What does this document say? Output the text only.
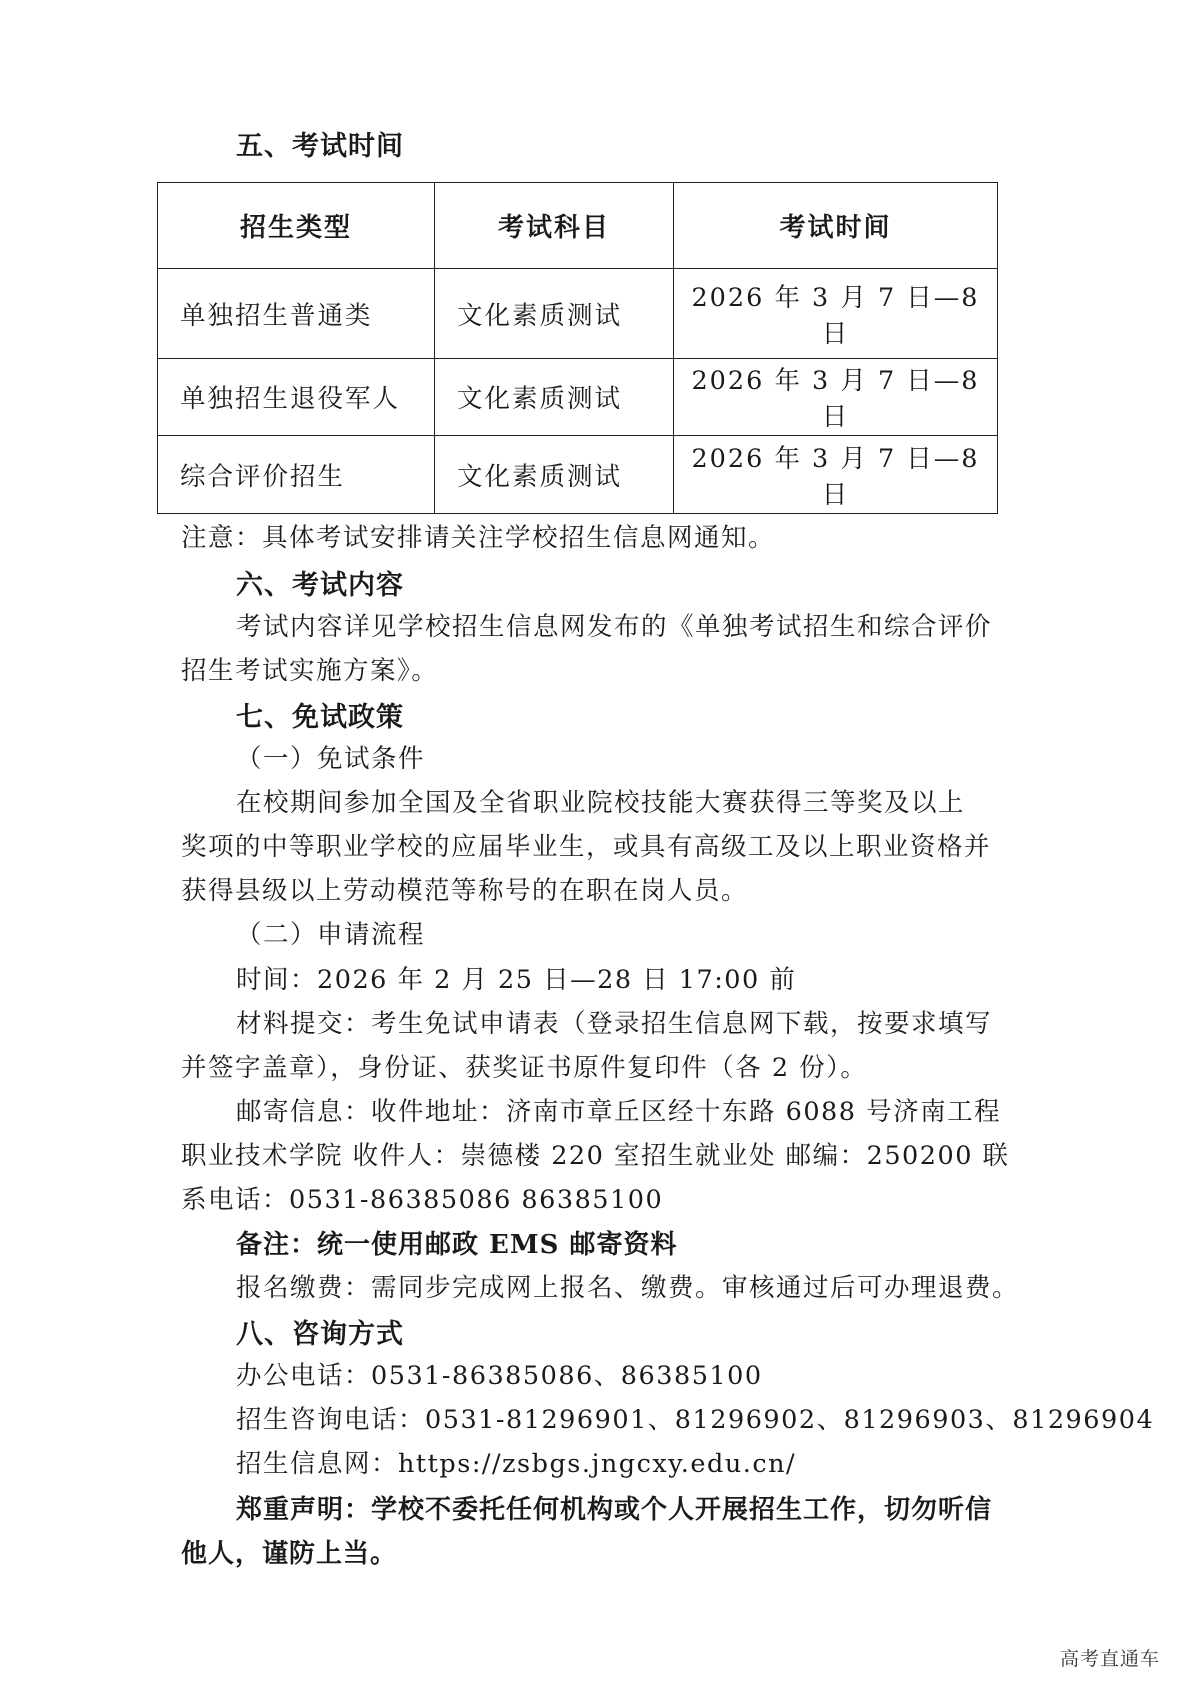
五、考试时间
招生类型	考试科目	考试时间
单独招生普通类	文化素质测试	2026 年 3 月 7 日—8 日
单独招生退役军人	文化素质测试	2026 年 3 月 7 日—8 日
综合评价招生	文化素质测试	2026 年 3 月 7 日—8 日
注意：具体考试安排请关注学校招生信息网通知。
六、考试内容
考试内容详见学校招生信息网发布的《单独考试招生和综合评价
招生考试实施方案》。
七、免试政策
（一）免试条件
在校期间参加全国及全省职业院校技能大赛获得三等奖及以上
奖项的中等职业学校的应届毕业生，或具有高级工及以上职业资格并
获得县级以上劳动模范等称号的在职在岗人员。
（二）申请流程
时间：2026 年 2 月 25 日—28 日 17:00 前
材料提交：考生免试申请表（登录招生信息网下载，按要求填写
并签字盖章），身份证、获奖证书原件复印件（各 2 份）。
邮寄信息：收件地址：济南市章丘区经十东路 6088 号济南工程
职业技术学院 收件人：崇德楼 220 室招生就业处 邮编：250200 联
系电话：0531-86385086 86385100
备注：统一使用邮政 EMS 邮寄资料
报名缴费：需同步完成网上报名、缴费。审核通过后可办理退费。
八、咨询方式
办公电话：0531-86385086、86385100
招生咨询电话：0531-81296901、81296902、81296903、81296904
招生信息网：https://zsbgs.jngcxy.edu.cn/
郑重声明：学校不委托任何机构或个人开展招生工作，切勿听信
他人，谨防上当。
高考直通车
